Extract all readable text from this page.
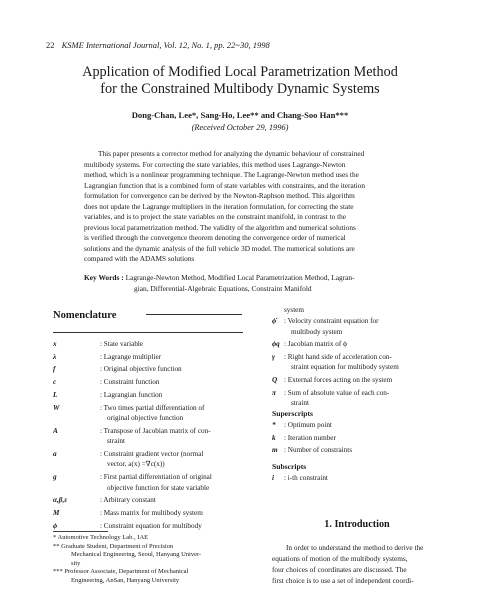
22 KSME International Journal, Vol. 12, No. 1, pp. 22~30, 1998
Application of Modified Local Parametrization Method
for the Constrained Multibody Dynamic Systems
Dong-Chan, Lee*, Sang-Ho, Lee** and Chang-Soo Han***
(Received October 29, 1996)
This paper presents a corrector method for analyzing the dynamic behaviour of constrained
multibody systems. For correcting the state variables, this method uses Lagrange-Newton
method, which is a nonlinear programming technique. The Lagrange-Newton method uses the
Lagrangian function that is a combined form of state variables with constraints, and the iteration
formulation for convergence can be derived by the Newton-Raphson method. This algorithm
does not update the Lagrange multipliers in the iteration formulation, for correcting the state
variables, and is to project the state variables on the constraint manifold, in contrast to the
previous local parametrization method. The validity of the algorithm and numerical solutions
is verified through the convergence theorem denoting the convergence order of numerical
solutions and the dynamic analysis of the full vehicle 3D model. The numerical solutions are
compared with the ADAMS solutions
Key Words : Lagrange-Newton Method, Modified Local Parametrization Method, Lagran-
gian, Differential-Algebraic Equations, Constraint Manifold
Nomenclature
x	: State variable
λ	: Lagrange multiplier
f	: Original objective function
c	: Constraint function
L	: Lagrangian function
W	: Two times partial differentiation of
original objective function
A	: Transpose of Jacobian matrix of con-
straint
a	: Constraint gradient vector (normal
vector, a(x) =∇c(x))
g	: First partial differentiation of original
objective function for state variable
α,β,ε	: Arbitrary constant
M	: Mass matrix for multibody system
ϕ	: Constraint equation for multibody
system
ϕ̇ : Velocity constraint equation for
multibody system
ϕq : Jacobian matrix of ϕ
γ : Right hand side of acceleration con-
straint equation for multibody system
Q : External forces acting on the system
π : Sum of absolute value of each con-
straint
Superscripts
* : Optimum point
k : Iteration number
m : Number of constraints
Subscripts
i : i-th constraint
* Automotive Technology Lab., IAE
** Graduate Student, Department of Precision
Mechanical Engineering, Seoul, Hanyang Univer-
sity
*** Professor Associate, Department of Mechanical
Engineering, AnSan, Hanyang University
1. Introduction
In order to understand the method to derive the
equations of motion of the multibody systems,
four choices of coordinates are discussed. The
first choice is to use a set of independent coordi-
